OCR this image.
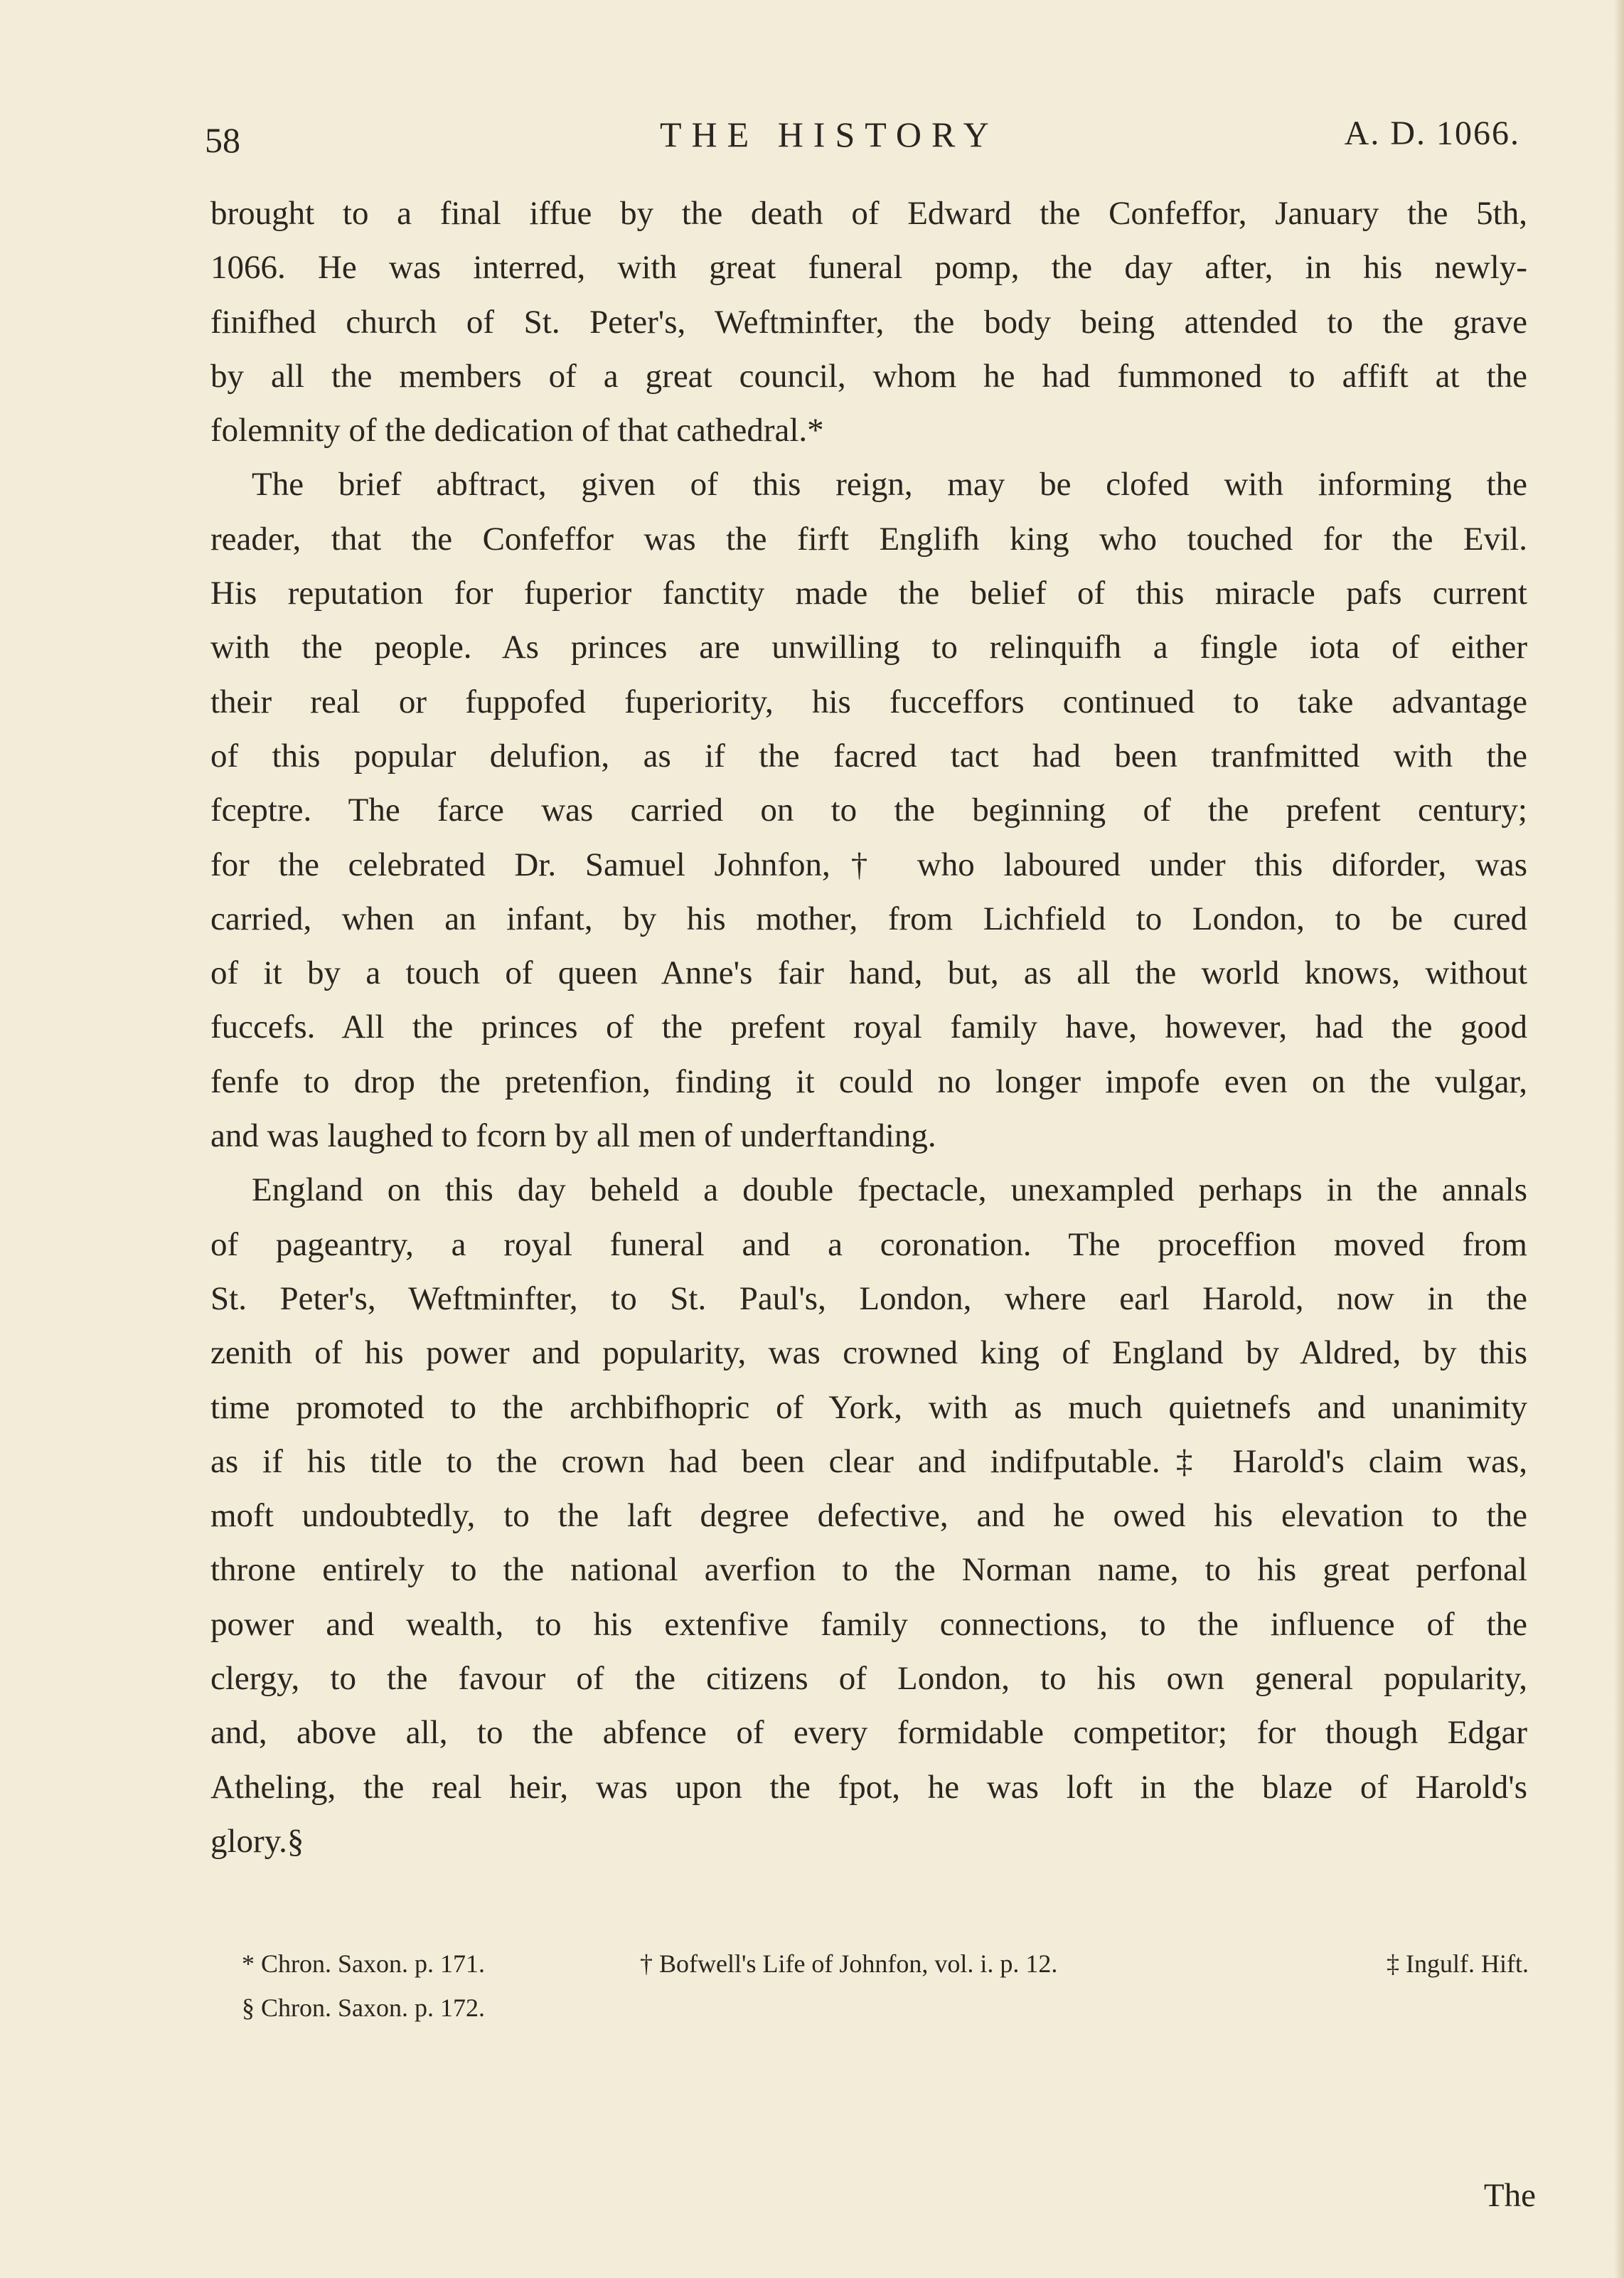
58	THE HISTORY	A. D. 1066.

brought to a final iffue by the death of Edward the Confeffor, January the 5th,
1066. He was interred, with great funeral pomp, the day after, in his newly-
finifhed church of St. Peter's, Weftminfter, the body being attended to the grave
by all the members of a great council, whom he had fummoned to affift at the
folemnity of the dedication of that cathedral.*

The brief abftract, given of this reign, may be clofed with informing the
reader, that the Confeffor was the firft Englifh king who touched for the Evil.
His reputation for fuperior fanctity made the belief of this miracle pafs current
with the people. As princes are unwilling to relinquifh a fingle iota of either
their real or fuppofed fuperiority, his fucceffors continued to take advantage
of this popular delufion, as if the facred tact had been tranfmitted with the
fceptre. The farce was carried on to the beginning of the prefent century;
for the celebrated Dr. Samuel Johnfon,† who laboured under this diforder, was
carried, when an infant, by his mother, from Lichfield to London, to be cured
of it by a touch of queen Anne's fair hand, but, as all the world knows, without
fuccefs. All the princes of the prefent royal family have, however, had the good
fenfe to drop the pretenfion, finding it could no longer impofe even on the vulgar,
and was laughed to fcorn by all men of underftanding.

England on this day beheld a double fpectacle, unexampled perhaps in the annals
of pageantry, a royal funeral and a coronation. The proceffion moved from
St. Peter's, Weftminfter, to St. Paul's, London, where earl Harold, now in the
zenith of his power and popularity, was crowned king of England by Aldred, by this
time promoted to the archbifhopric of York, with as much quietnefs and unanimity
as if his title to the crown had been clear and indifputable.‡ Harold's claim was,
moft undoubtedly, to the laft degree defective, and he owed his elevation to the
throne entirely to the national averfion to the Norman name, to his great perfonal
power and wealth, to his extenfive family connections, to the influence of the
clergy, to the favour of the citizens of London, to his own general popularity,
and, above all, to the abfence of every formidable competitor; for though Edgar
Atheling, the real heir, was upon the fpot, he was loft in the blaze of Harold's
glory.§

* Chron. Saxon. p. 171.	† Bofwell's Life of Johnfon, vol. i. p. 12.	‡ Ingulf. Hift.
§ Chron. Saxon. p. 172.
The
